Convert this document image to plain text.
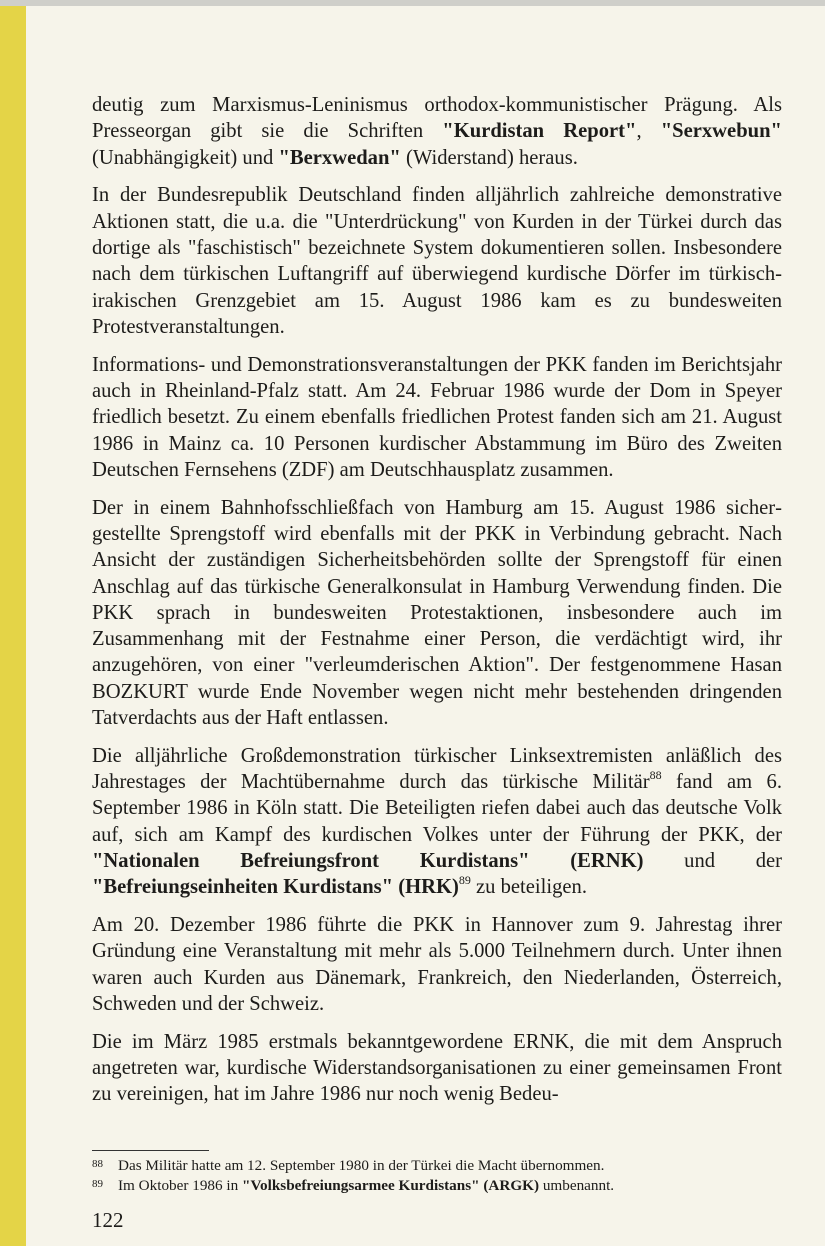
deutig zum Marxismus-Leninismus orthodox-kommunistischer Prägung. Als Presseorgan gibt sie die Schriften "Kurdistan Report", "Serxwebun" (Unabhängigkeit) und "Berxwedan" (Widerstand) heraus.

In der Bundesrepublik Deutschland finden alljährlich zahlreiche demonstrative Aktionen statt, die u.a. die "Unterdrückung" von Kurden in der Türkei durch das dortige als "faschistisch" bezeichnete System dokumentieren sollen. Insbesondere nach dem türkischen Luftangriff auf überwiegend kurdische Dörfer im türkisch-irakischen Grenzgebiet am 15. August 1986 kam es zu bundesweiten Protestveranstaltungen.

Informations- und Demonstrationsveranstaltungen der PKK fanden im Berichtsjahr auch in Rheinland-Pfalz statt. Am 24. Februar 1986 wurde der Dom in Speyer friedlich besetzt. Zu einem ebenfalls friedlichen Protest fanden sich am 21. August 1986 in Mainz ca. 10 Personen kurdischer Abstammung im Büro des Zweiten Deutschen Fernsehens (ZDF) am Deutschhausplatz zusammen.

Der in einem Bahnhofsschließfach von Hamburg am 15. August 1986 sichergestellte Sprengstoff wird ebenfalls mit der PKK in Verbindung gebracht. Nach Ansicht der zuständigen Sicherheitsbehörden sollte der Sprengstoff für einen Anschlag auf das türkische Generalkonsulat in Hamburg Verwendung finden. Die PKK sprach in bundesweiten Protestaktionen, insbesondere auch im Zusammenhang mit der Festnahme einer Person, die verdächtigt wird, ihr anzugehören, von einer "verleumderischen Aktion". Der festgenommene Hasan BOZKURT wurde Ende November wegen nicht mehr bestehenden dringenden Tatverdachts aus der Haft entlassen.

Die alljährliche Großdemonstration türkischer Linksextremisten anläßlich des Jahrestages der Machtübernahme durch das türkische Militär$^{88}$ fand am 6. September 1986 in Köln statt. Die Beteiligten riefen dabei auch das deutsche Volk auf, sich am Kampf des kurdischen Volkes unter der Führung der PKK, der "Nationalen Befreiungsfront Kurdistans" (ERNK) und der "Befreiungseinheiten Kurdistans" (HRK)$^{89}$ zu beteiligen.

Am 20. Dezember 1986 führte die PKK in Hannover zum 9. Jahrestag ihrer Gründung eine Veranstaltung mit mehr als 5.000 Teilnehmern durch. Unter ihnen waren auch Kurden aus Dänemark, Frankreich, den Niederlanden, Österreich, Schweden und der Schweiz.

Die im März 1985 erstmals bekanntgewordene ERNK, die mit dem Anspruch angetreten war, kurdische Widerstandsorganisationen zu einer gemeinsamen Front zu vereinigen, hat im Jahre 1986 nur noch wenig Bedeu-

88 Das Militär hatte am 12. September 1980 in der Türkei die Macht übernommen.

89 Im Oktober 1986 in "Volksbefreiungsarmee Kurdistans" (ARGK) umbenannt.

122
